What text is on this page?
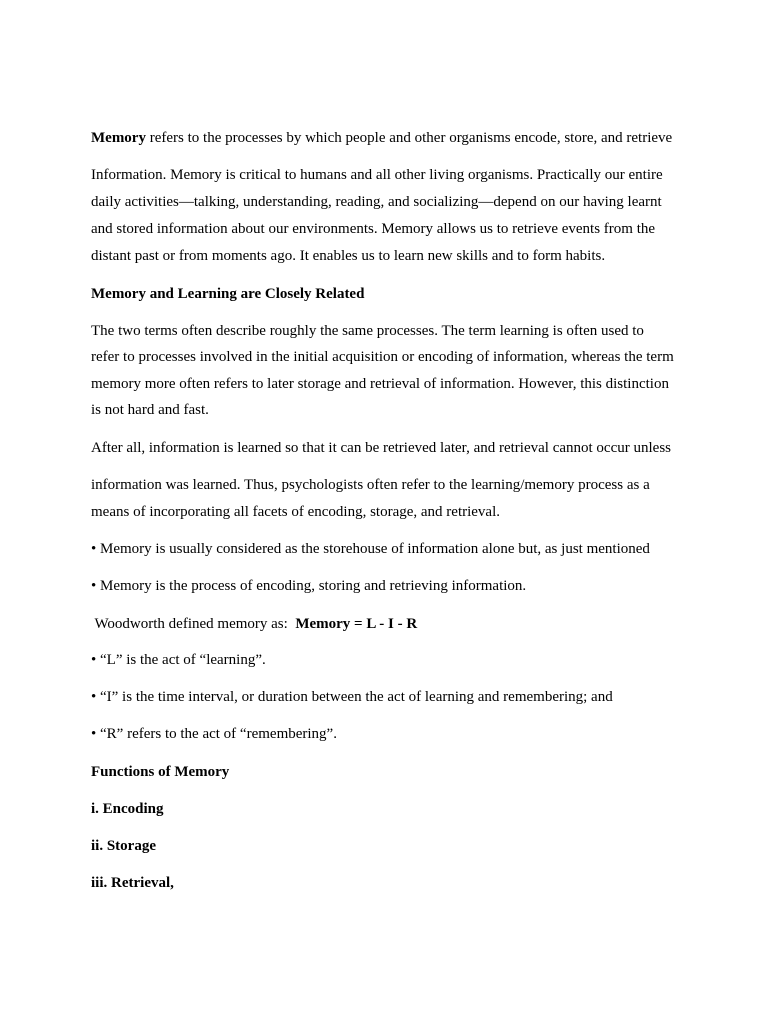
Memory refers to the processes by which people and other organisms encode, store, and retrieve
Information. Memory is critical to humans and all other living organisms. Practically our entire
daily activities—talking, understanding, reading, and socializing—depend on our having learnt
and stored information about our environments. Memory allows us to retrieve events from the
distant past or from moments ago. It enables us to learn new skills and to form habits.
Memory and Learning are Closely Related
The two terms often describe roughly the same processes. The term learning is often used to
refer to processes involved in the initial acquisition or encoding of information, whereas the term
memory more often refers to later storage and retrieval of information. However, this distinction
is not hard and fast.
After all, information is learned so that it can be retrieved later, and retrieval cannot occur unless
information was learned. Thus, psychologists often refer to the learning/memory process as a
means of incorporating all facets of encoding, storage, and retrieval.
• Memory is usually considered as the storehouse of information alone but, as just mentioned
• Memory is the process of encoding, storing and retrieving information.
Woodworth defined memory as:  Memory = L - I - R
• “L” is the act of “learning”.
• “I” is the time interval, or duration between the act of learning and remembering; and
• “R” refers to the act of “remembering”.
Functions of Memory
i. Encoding
ii. Storage
iii. Retrieval,
